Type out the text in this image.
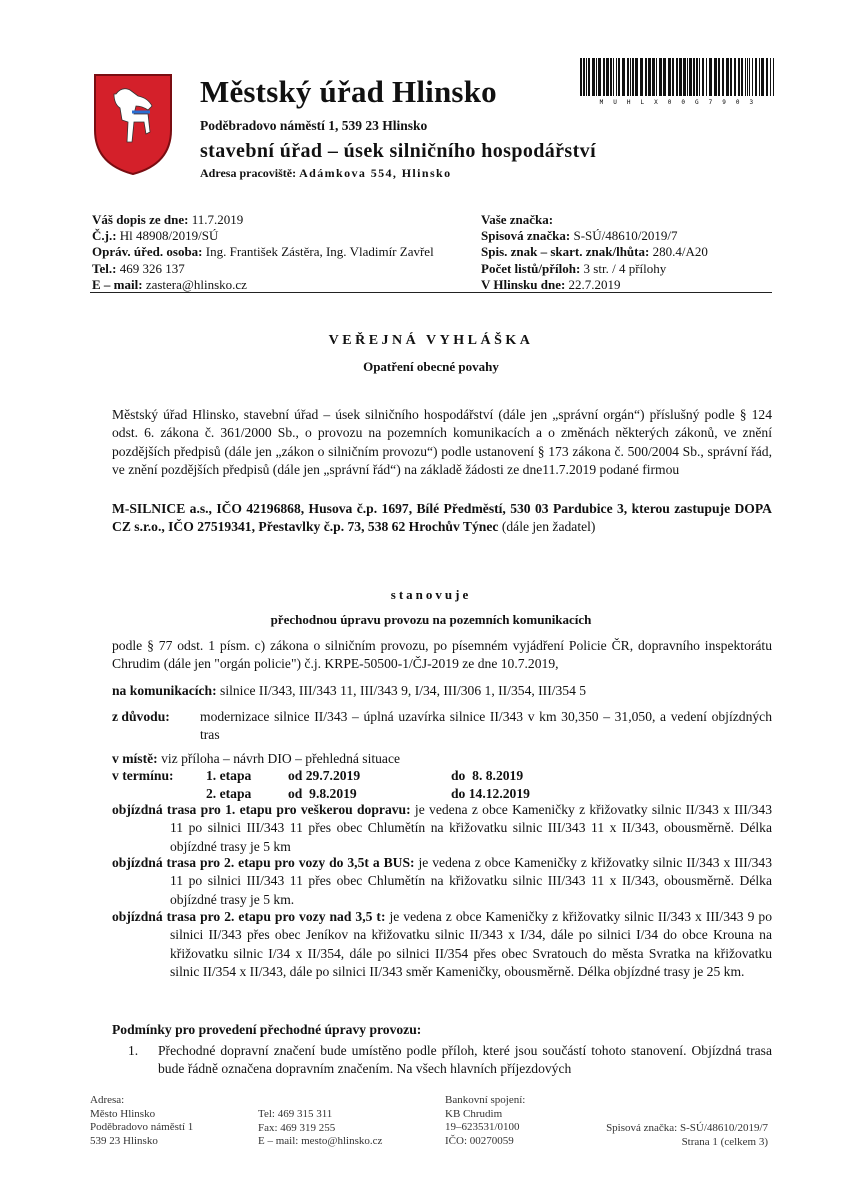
Městský úřad Hlinsko
Poděbradovo náměstí 1, 539 23 Hlinsko
stavební úřad – úsek silničního hospodářství
Adresa pracoviště: Adámkova 554, Hlinsko
M U H L X 0 0 G 7 9 0 3
Váš dopis ze dne: 11.7.2019
Č.j.: Hl 48908/2019/SÚ
Opráv. úřed. osoba: Ing. František Zástěra, Ing. Vladimír Zavřel
Tel.: 469 326 137
E – mail: zastera@hlinsko.cz
Vaše značka:
Spisová značka: S-SÚ/48610/2019/7
Spis. znak – skart. znak/lhůta: 280.4/A20
Počet listů/příloh: 3 str. / 4 přílohy
V Hlinsku dne: 22.7.2019
VEŘEJNÁ VYHLÁŠKA
Opatření obecné povahy
Městský úřad Hlinsko, stavební úřad – úsek silničního hospodářství (dále jen „správní orgán“) příslušný podle § 124 odst. 6. zákona č. 361/2000 Sb., o provozu na pozemních komunikacích a o změnách některých zákonů, ve znění pozdějších předpisů (dále jen „zákon o silničním provozu“) podle ustanovení § 173 zákona č. 500/2004 Sb., správní řád, ve znění pozdějších předpisů (dále jen „správní řád“) na základě žádosti ze dne11.7.2019 podané firmou
M-SILNICE a.s., IČO 42196868, Husova č.p. 1697, Bílé Předměstí, 530 03 Pardubice 3, kterou zastupuje DOPA CZ s.r.o., IČO 27519341, Přestavlky č.p. 73, 538 62 Hrochův Týnec (dále jen žadatel)
stanovuje
přechodnou úpravu provozu na pozemních komunikacích
podle § 77 odst. 1 písm. c) zákona o silničním provozu, po písemném vyjádření Policie ČR, dopravního inspektorátu Chrudim (dále jen "orgán policie") č.j. KRPE-50500-1/ČJ-2019 ze dne 10.7.2019,
na komunikacích: silnice II/343, III/343 11, III/343 9, I/34, III/306 1, II/354, III/354 5
z důvodu:	modernizace silnice II/343 – úplná uzavírka silnice II/343 v km 30,350 – 31,050, a vedení objízdných tras
v místě: viz příloha – návrh DIO – přehledná situace
v termínu: 1. etapa	od 29.7.2019	do  8. 8.2019
2. etapa	od  9.8.2019	do 14.12.2019
objízdná trasa pro 1. etapu pro veškerou dopravu: je vedena z obce Kameničky z křižovatky silnic II/343 x III/343 11 po silnici III/343 11 přes obec Chlumětín na křižovatku silnic III/343 11 x II/343, obousměrně. Délka objízdné trasy je 5 km
objízdná trasa pro 2. etapu pro vozy do 3,5t a BUS: je vedena z obce Kameničky z křižovatky silnic II/343 x III/343 11 po silnici III/343 11 přes obec Chlumětín na křižovatku silnic III/343 11 x II/343, obousměrně. Délka objízdné trasy je 5 km.
objízdná trasa pro 2. etapu pro vozy nad 3,5 t: je vedena z obce Kameničky z křižovatky silnic II/343 x III/343 9 po silnici II/343 přes obec Jeníkov na křižovatku silnic II/343 x I/34, dále po silnici I/34 do obce Krouna na křižovatku silnic I/34 x II/354, dále po silnici II/354 přes obec Svratouch do města Svratka na křižovatku silnic II/354 x II/343, dále po silnici II/343 směr Kameničky, obousměrně. Délka objízdné trasy je 25 km.
Podmínky pro provedení přechodné úpravy provozu:
1.	Přechodné dopravní značení bude umístěno podle příloh, které jsou součástí tohoto stanovení. Objízdná trasa bude řádně označena dopravním značením. Na všech hlavních příjezdových
Adresa:
Město Hlinsko
Poděbradovo náměstí 1
539 23 Hlinsko
Tel: 469 315 311
Fax: 469 319 255
E – mail: mesto@hlinsko.cz
Bankovní spojení:
KB Chrudim
19–623531/0100
IČO: 00270059
Spisová značka: S-SÚ/48610/2019/7
Strana 1 (celkem 3)
